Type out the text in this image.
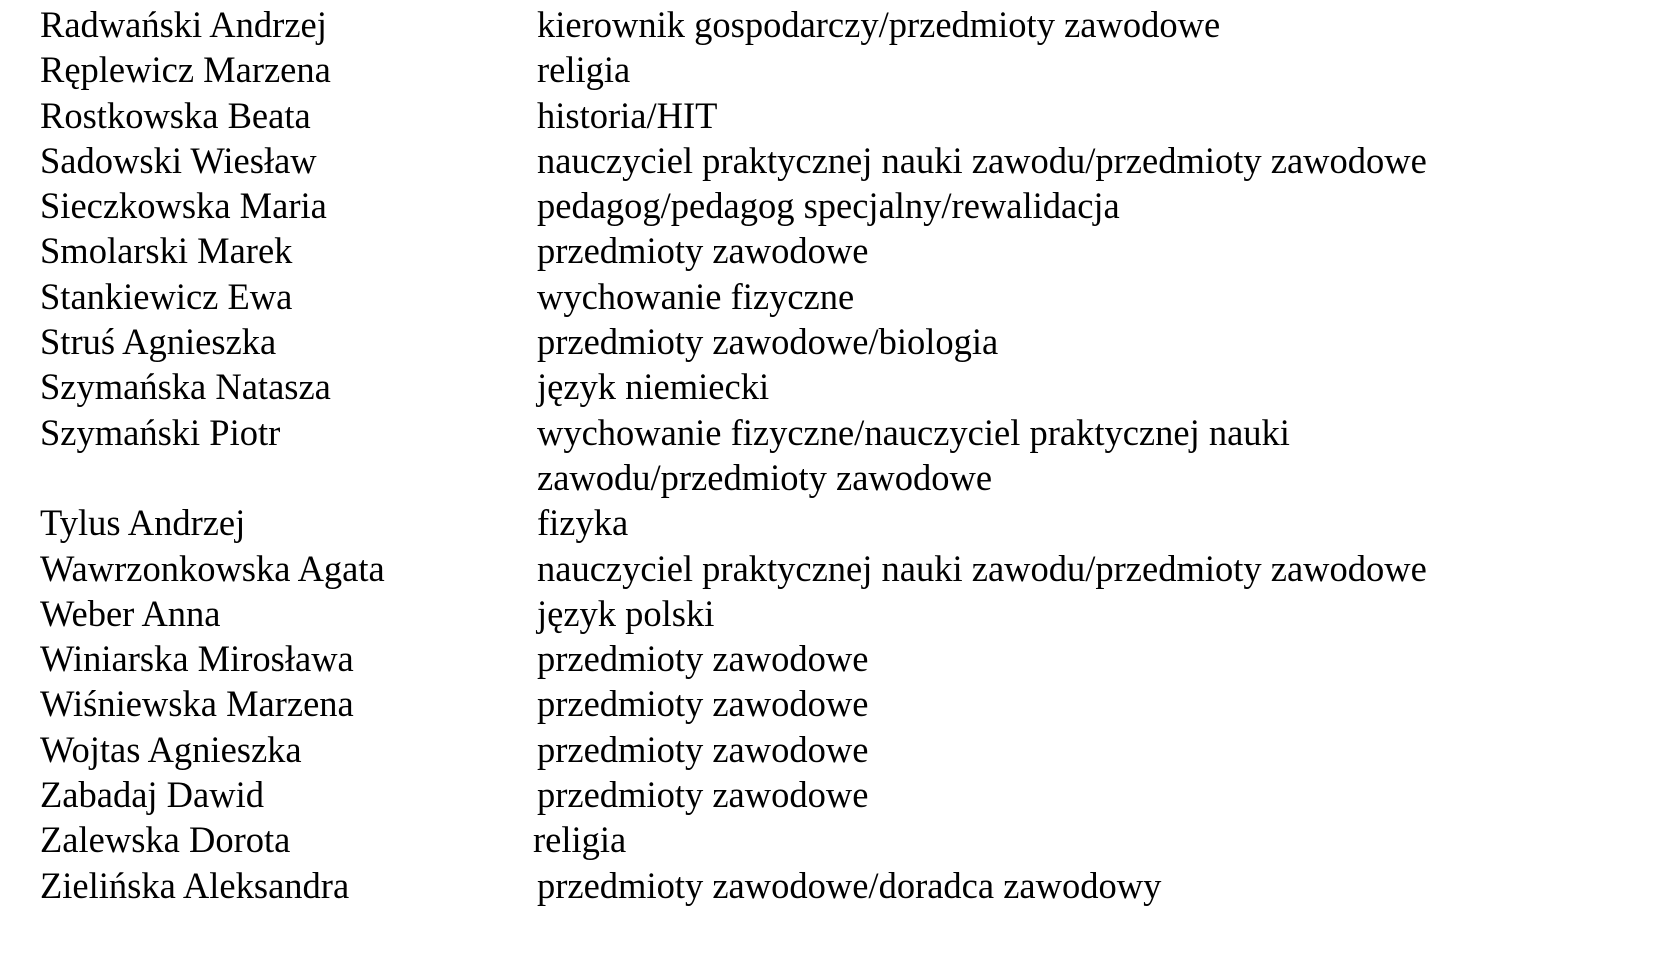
Radwański Andrzej	kierownik gospodarczy/przedmioty zawodowe
Ręplewicz Marzena	religia
Rostkowska Beata	historia/HIT
Sadowski Wiesław	nauczyciel praktycznej nauki zawodu/przedmioty zawodowe
Sieczkowska Maria	pedagog/pedagog specjalny/rewalidacja
Smolarski Marek	przedmioty zawodowe
Stankiewicz Ewa	wychowanie fizyczne
Struś Agnieszka	przedmioty zawodowe/biologia
Szymańska Natasza	język niemiecki
Szymański Piotr	wychowanie fizyczne/nauczyciel praktycznej nauki
zawodu/przedmioty zawodowe
Tylus Andrzej	fizyka
Wawrzonkowska Agata	nauczyciel praktycznej nauki zawodu/przedmioty zawodowe
Weber Anna	język polski
Winiarska Mirosława	przedmioty zawodowe
Wiśniewska Marzena	przedmioty zawodowe
Wojtas Agnieszka	przedmioty zawodowe
Zabadaj Dawid	przedmioty zawodowe
Zalewska Dorota	religia
Zielińska Aleksandra	przedmioty zawodowe/doradca zawodowy
